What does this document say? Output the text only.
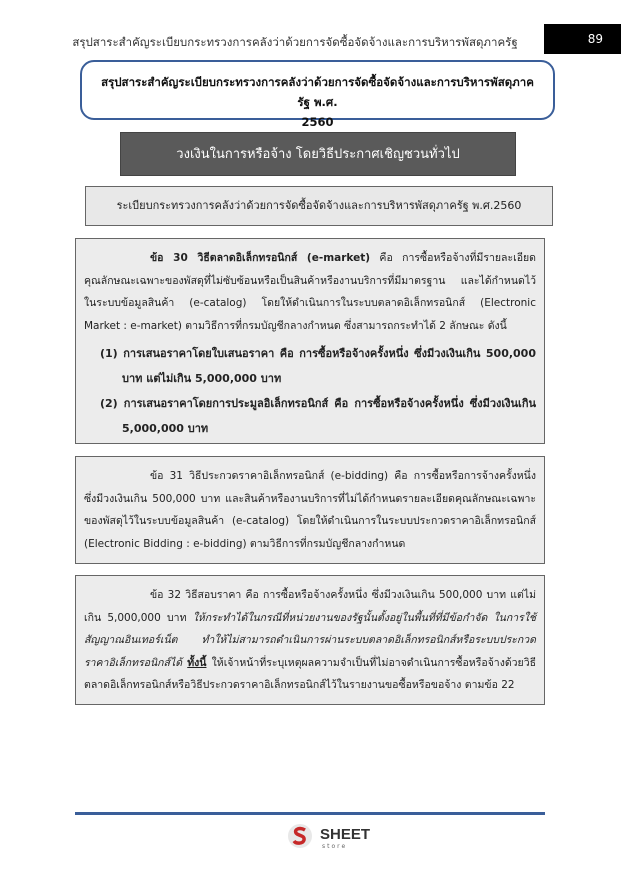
สรุปสาระสำคัญระเบียบกระทรวงการคลังว่าด้วยการจัดซื้อจัดจ้างและการบริหารพัสดุภาครัฐ	89
สรุปสาระสำคัญระเบียบกระทรวงการคลังว่าด้วยการจัดซื้อจัดจ้างและการบริหารพัสดุภาครัฐ พ.ศ.
2560
วงเงินในการหรือจ้าง โดยวิธีประกาศเชิญชวนทั่วไป
ระเบียบกระทรวงการคลังว่าด้วยการจัดซื้อจัดจ้างและการบริหารพัสดุภาครัฐ พ.ศ.2560

ข้อ 30 วิธีตลาดอิเล็กทรอนิกส์ (e-market) คือ การซื้อหรือจ้างที่มีรายละเอียดคุณลักษณะเฉพาะของพัสดุที่ไม่ซับซ้อนหรือเป็นสินค้าหรืองานบริการที่มีมาตรฐาน และได้กำหนดไว้ในระบบข้อมูลสินค้า (e-catalog) โดยให้ดำเนินการในระบบตลาดอิเล็กทรอนิกส์ (Electronic Market : e-market) ตามวิธีการที่กรมบัญชีกลางกำหนด ซึ่งสามารถกระทำได้ 2 ลักษณะ ดังนี้

(1) การเสนอราคาโดยใบเสนอราคา คือ การซื้อหรือจ้างครั้งหนึ่ง ซึ่งมีวงเงินเกิน 500,000 บาท แต่ไม่เกิน 5,000,000 บาท

(2) การเสนอราคาโดยการประมูลอิเล็กทรอนิกส์ คือ การซื้อหรือจ้างครั้งหนึ่ง ซึ่งมีวงเงินเกิน 5,000,000 บาท

ข้อ 31 วิธีประกวดราคาอิเล็กทรอนิกส์ (e-bidding) คือ การซื้อหรือการจ้างครั้งหนึ่ง ซึ่งมีวงเงินเกิน 500,000 บาท และสินค้าหรืองานบริการที่ไม่ได้กำหนดรายละเอียดคุณลักษณะเฉพาะของพัสดุไว้ในระบบข้อมูลสินค้า (e-catalog) โดยให้ดำเนินการในระบบประกวดราคาอิเล็กทรอนิกส์ (Electronic Bidding : e-bidding) ตามวิธีการที่กรมบัญชีกลางกำหนด

ข้อ 32 วิธีสอบราคา คือ การซื้อหรือจ้างครั้งหนึ่ง ซึ่งมีวงเงินเกิน 500,000 บาท แต่ไม่เกิน 5,000,000 บาท ให้กระทำได้ในกรณีที่หน่วยงานของรัฐนั้นตั้งอยู่ในพื้นที่ที่มีข้อกำจัด ในการใช้สัญญาณอินเทอร์เน็ต ทำให้ไม่สามารถดำเนินการผ่านระบบตลาดอิเล็กทรอนิกส์หรือระบบประกวดราคาอิเล็กทรอนิกส์ได้ ทั้งนี้ ให้เจ้าหน้าที่ระบุเหตุผลความจำเป็นที่ไม่อาจดำเนินการซื้อหรือจ้างด้วยวิธีตลาดอิเล็กทรอนิกส์หรือวิธีประกวดราคาอิเล็กทรอนิกส์ไว้ในรายงานขอซื้อหรือขอจ้าง ตามข้อ 22

SHEET
store
